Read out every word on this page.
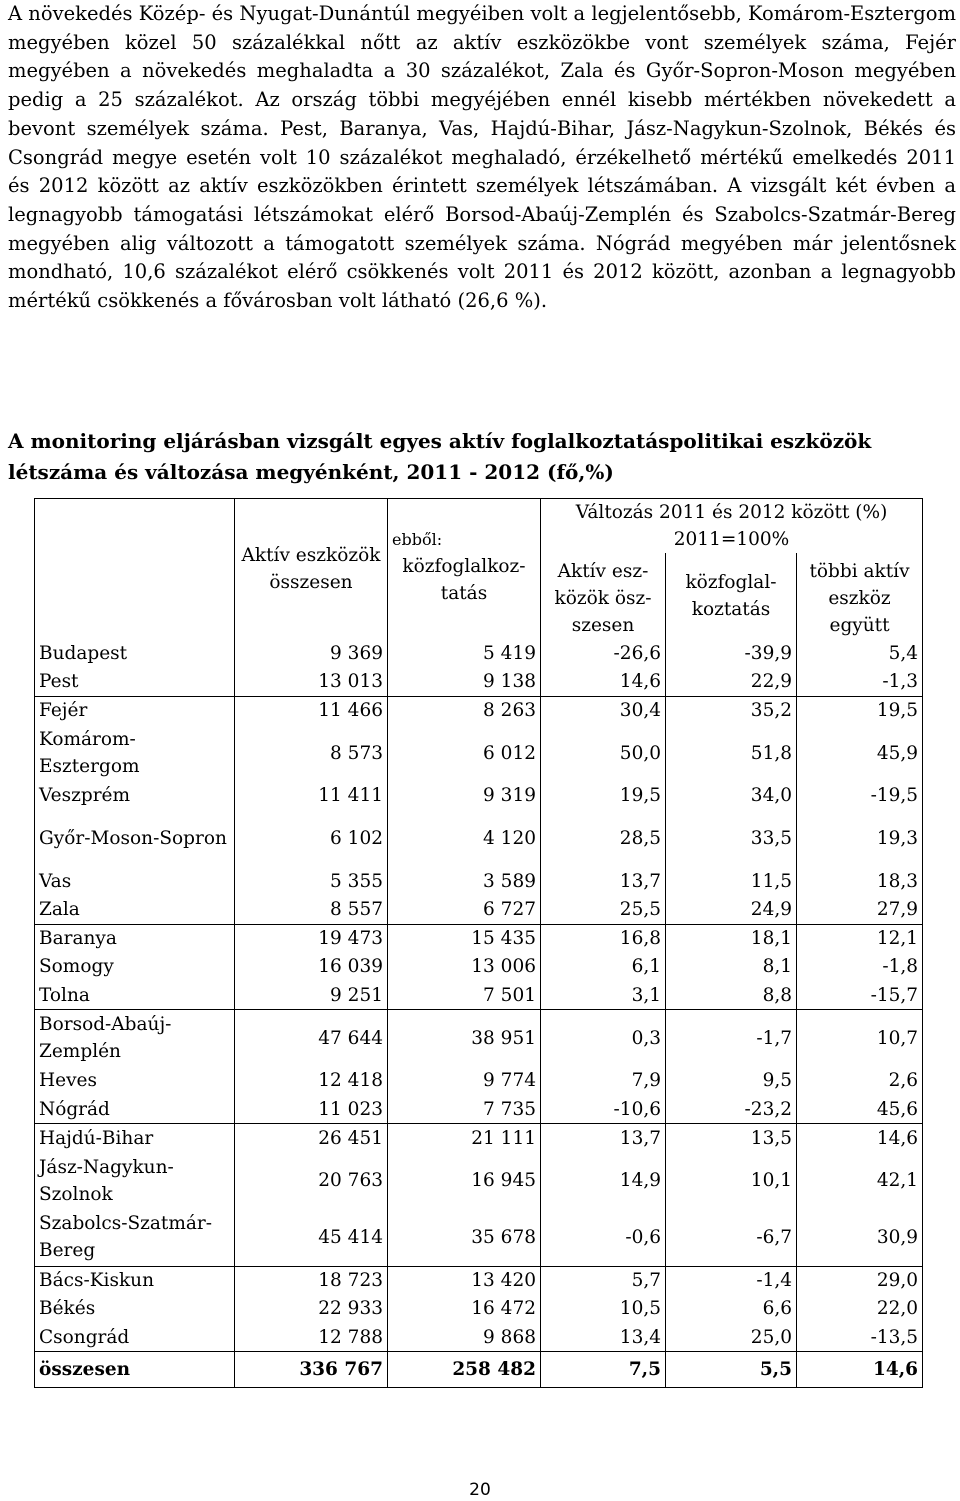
A növekedés Közép- és Nyugat-Dunántúl megyéiben volt a legjelentősebb, Komárom-Esztergom megyében közel 50 százalékkal nőtt az aktív eszközökbe vont személyek száma, Fejér megyében a növekedés meghaladta a 30 százalékot, Zala és Győr-Sopron-Moson megyében pedig a 25 százalékot. Az ország többi megyéjében ennél kisebb mértékben növekedett a bevont személyek száma. Pest, Baranya, Vas, Hajdú-Bihar, Jász-Nagykun-Szolnok, Békés és Csongrád megye esetén volt 10 százalékot meghaladó, érzékelhető mértékű emelkedés 2011 és 2012 között az aktív eszközökben érintett személyek létszámában. A vizsgált két évben a legnagyobb támogatási létszámokat elérő Borsod-Abaúj-Zemplén és Szabolcs-Szatmár-Bereg megyében alig változott a támogatott személyek száma. Nógrád megyében már jelentősnek mondható, 10,6 százalékot elérő csökkenés volt 2011 és 2012 között, azonban a legnagyobb mértékű csökkenés a fővárosban volt látható (26,6 %).

A monitoring eljárásban vizsgált egyes aktív foglalkoztatáspolitikai eszközök létszáma és változása megyénként, 2011 - 2012 (fő,%)

	Aktív eszközök összesen	ebből:	Változás 2011 és 2012 között (%) 2011=100%		
		közfoglalkoz-tatás	Aktív esz-közök ösz-szesen	közfoglal-koztatás	többi aktív eszköz együtt
Budapest	9 369	5 419	-26,6	-39,9	5,4
Pest	13 013	9 138	14,6	22,9	-1,3
Fejér	11 466	8 263	30,4	35,2	19,5
Komárom-Esztergom	8 573	6 012	50,0	51,8	45,9
Veszprém	11 411	9 319	19,5	34,0	-19,5
Győr-Moson-Sopron	6 102	4 120	28,5	33,5	19,3
Vas	5 355	3 589	13,7	11,5	18,3
Zala	8 557	6 727	25,5	24,9	27,9
Baranya	19 473	15 435	16,8	18,1	12,1
Somogy	16 039	13 006	6,1	8,1	-1,8
Tolna	9 251	7 501	3,1	8,8	-15,7
Borsod-Abaúj-Zemplén	47 644	38 951	0,3	-1,7	10,7
Heves	12 418	9 774	7,9	9,5	2,6
Nógrád	11 023	7 735	-10,6	-23,2	45,6
Hajdú-Bihar	26 451	21 111	13,7	13,5	14,6
Jász-Nagykun-Szolnok	20 763	16 945	14,9	10,1	42,1
Szabolcs-Szatmár-Bereg	45 414	35 678	-0,6	-6,7	30,9
Bács-Kiskun	18 723	13 420	5,7	-1,4	29,0
Békés	22 933	16 472	10,5	6,6	22,0
Csongrád	12 788	9 868	13,4	25,0	-13,5
összesen	336 767	258 482	7,5	5,5	14,6
20
